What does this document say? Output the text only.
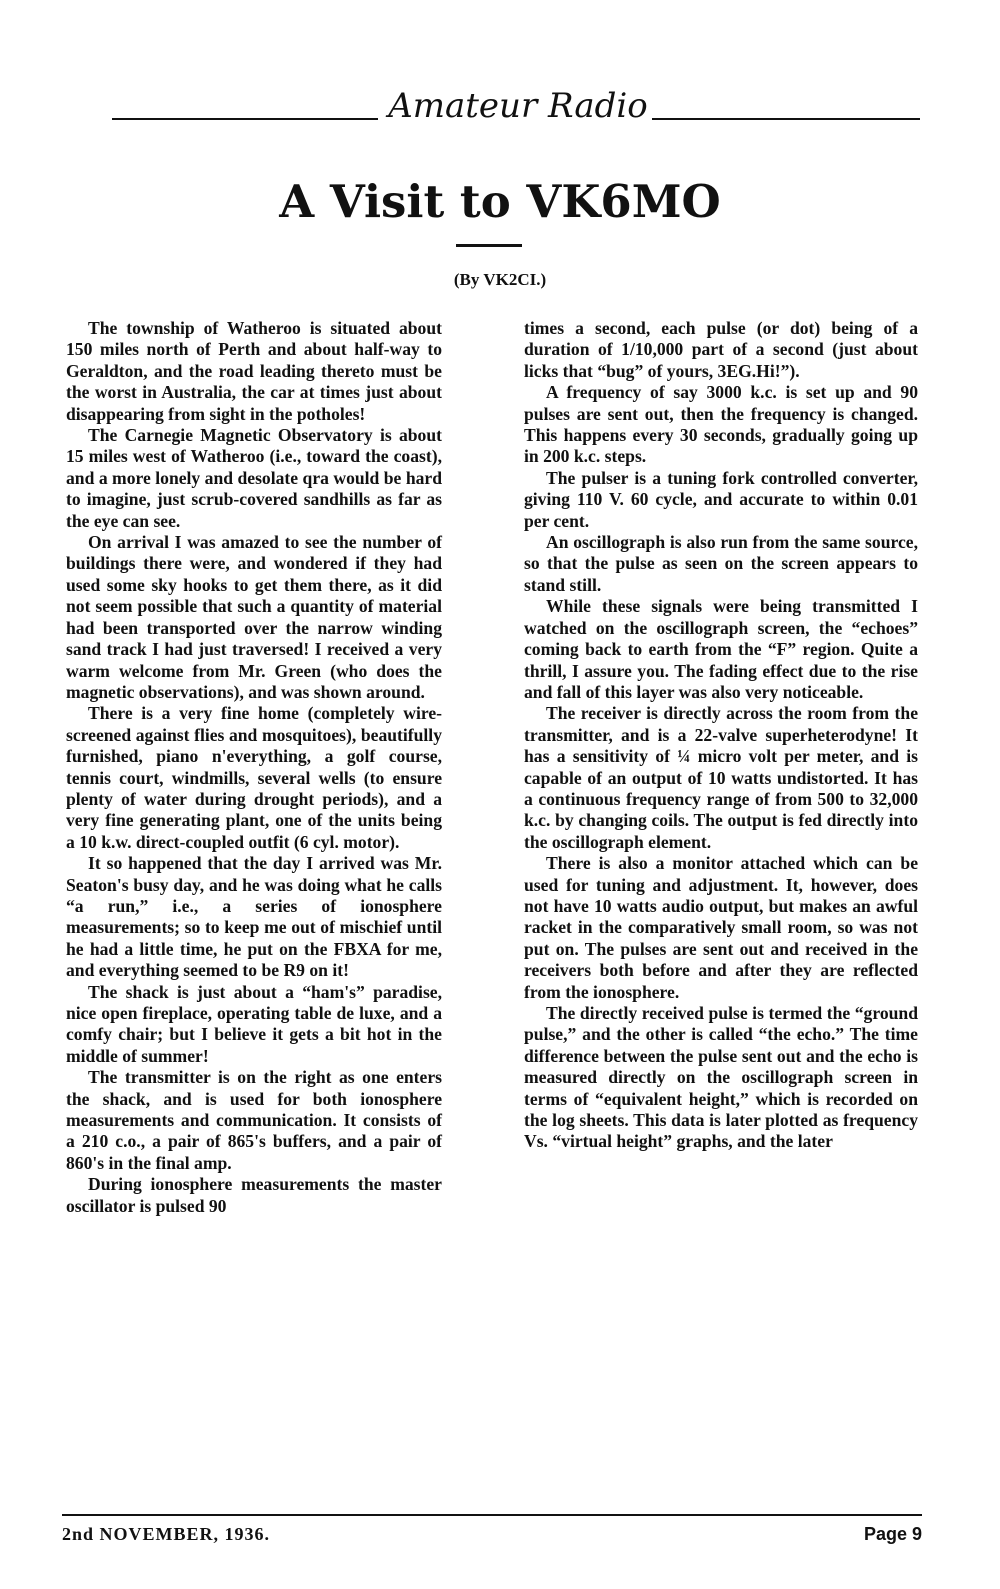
Amateur Radio
A Visit to VK6MO
(By VK2CI.)

The township of Watheroo is situated about 150 miles north of Perth and about half-way to Geraldton, and the road leading thereto must be the worst in Australia, the car at times just about disappearing from sight in the potholes!

The Carnegie Magnetic Observatory is about 15 miles west of Watheroo (i.e., toward the coast), and a more lonely and desolate qra would be hard to imagine, just scrub-covered sandhills as far as the eye can see.

On arrival I was amazed to see the number of buildings there were, and wondered if they had used some sky hooks to get them there, as it did not seem possible that such a quantity of material had been transported over the narrow winding sand track I had just traversed! I received a very warm welcome from Mr. Green (who does the magnetic observations), and was shown around.

There is a very fine home (completely wire-screened against flies and mosquitoes), beautifully furnished, piano n'everything, a golf course, tennis court, windmills, several wells (to ensure plenty of water during drought periods), and a very fine generating plant, one of the units being a 10 k.w. direct-coupled outfit (6 cyl. motor).

It so happened that the day I arrived was Mr. Seaton's busy day, and he was doing what he calls “a run,” i.e., a series of ionosphere measurements; so to keep me out of mischief until he had a little time, he put on the FBXA for me, and everything seemed to be R9 on it!

The shack is just about a “ham's” paradise, nice open fireplace, operating table de luxe, and a comfy chair; but I believe it gets a bit hot in the middle of summer!

The transmitter is on the right as one enters the shack, and is used for both ionosphere measurements and communication. It consists of a 210 c.o., a pair of 865's buffers, and a pair of 860's in the final amp.

During ionosphere measurements the master oscillator is pulsed 90

times a second, each pulse (or dot) being of a duration of 1/10,000 part of a second (just about licks that “bug” of yours, 3EG.Hi!”).

A frequency of say 3000 k.c. is set up and 90 pulses are sent out, then the frequency is changed. This happens every 30 seconds, gradually going up in 200 k.c. steps.

The pulser is a tuning fork controlled converter, giving 110 V. 60 cycle, and accurate to within 0.01 per cent.

An oscillograph is also run from the same source, so that the pulse as seen on the screen appears to stand still.

While these signals were being transmitted I watched on the oscillograph screen, the “echoes” coming back to earth from the “F” region. Quite a thrill, I assure you. The fading effect due to the rise and fall of this layer was also very noticeable.

The receiver is directly across the room from the transmitter, and is a 22-valve superheterodyne! It has a sensitivity of ¼ micro volt per meter, and is capable of an output of 10 watts undistorted. It has a continuous frequency range of from 500 to 32,000 k.c. by changing coils. The output is fed directly into the oscillograph element.

There is also a monitor attached which can be used for tuning and adjustment. It, however, does not have 10 watts audio output, but makes an awful racket in the comparatively small room, so was not put on. The pulses are sent out and received in the receivers both before and after they are reflected from the ionosphere.

The directly received pulse is termed the “ground pulse,” and the other is called “the echo.” The time difference between the pulse sent out and the echo is measured directly on the oscillograph screen in terms of “equivalent height,” which is recorded on the log sheets. This data is later plotted as frequency Vs. “virtual height” graphs, and the later

2nd NOVEMBER, 1936.	Page 9
